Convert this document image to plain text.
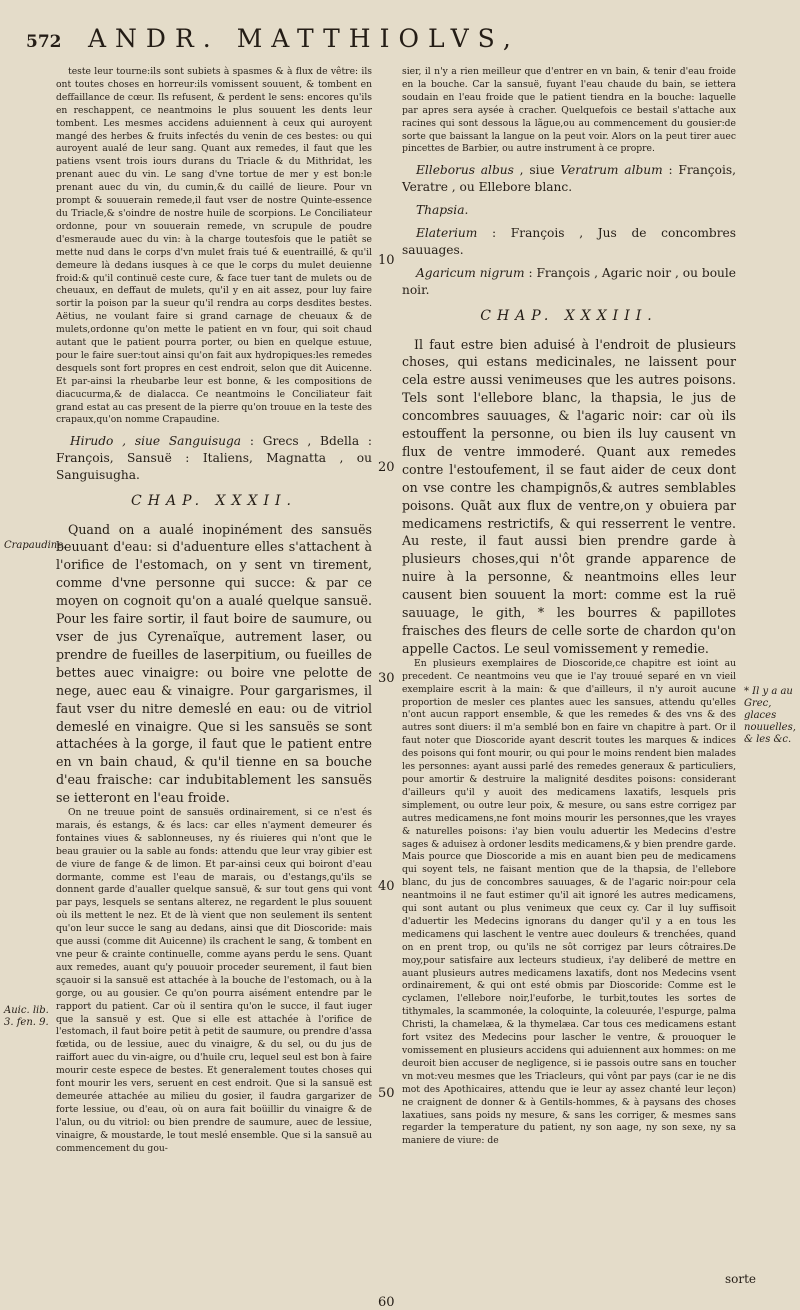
572 ANDR. MATTHIOLVS,

teste leur tourne:ils sont subiets à spasmes & à flux de vêtre: ils ont toutes choses en horreur:ils vomissent souuent, & tombent en deffaillance de cœur. Ils refusent, & perdent le sens: encores qu'ils en reschappent, ce neantmoins le plus souuent les dents leur tombent. Les mesmes accidens aduiennent à ceux qui auroyent mangé des herbes & fruits infectés du venin de ces bestes: ou qui auroyent aualé de leur sang. Quant aux remedes, il faut que les patiens vsent trois iours durans du Triacle & du Mithridat, les prenant auec du vin. Le sang d'vne tortue de mer y est bon:le prenant auec du vin, du cumin,& du caillé de lieure. Pour vn prompt & souuerain remede,il faut vser de nostre Quinte-essence du Triacle,& s'oindre de nostre huile de scorpions. Le Conciliateur ordonne, pour vn souuerain remede, vn scrupule de poudre d'esmeraude auec du vin: à la charge toutesfois que le patiêt se mette nud dans le corps d'vn mulet frais tué & euentraillé, & qu'il demeure là dedans iusques à ce que le corps du mulet deuienne froid:& qu'il continuë ceste cure, & face tuer tant de mulets ou de cheuaux, en deffaut de mulets, qu'il y en ait assez, pour luy faire sortir la poison par la sueur qu'il rendra au corps desdites bestes. Aëtius, ne voulant faire si grand carnage de cheuaux & de mulets,ordonne qu'on mette le patient en vn four, qui soit chaud autant que le patient pourra porter, ou bien en quelque estuue, pour le faire suer:tout ainsi qu'on fait aux hydropiques:les remedes desquels sont fort propres en cest endroit, selon que dit Auicenne. Et par-ainsi la rheubarbe leur est bonne, & les compositions de diacucurma,& de dialacca. Ce neantmoins le Conciliateur fait grand estat au cas present de la pierre qu'on trouue en la teste des crapaux,qu'on nomme Crapaudine.

Hirudo , siue Sanguisuga : Grecs , Bdella : François, Sansuë : Italiens, Magnatta , ou Sanguisugha.

CHAP. XXXII.

Quand on a aualé inopinément des sansuës beuuant d'eau: si d'aduenture elles s'attachent à l'orifice de l'estomach, on y sent vn tirement, comme d'vne personne qui succe: & par ce moyen on cognoit qu'on a aualé quelque sansuë. Pour les faire sortir, il faut boire de saumure, ou vser de jus Cyrenaïque, autrement laser, ou prendre de fueilles de laserpitium, ou fueilles de bettes auec vinaigre: ou boire vne pelotte de nege, auec eau & vinaigre. Pour gargarismes, il faut vser du nitre demeslé en eau: ou de vitriol demeslé en vinaigre. Que si les sansuës se sont attachées à la gorge, il faut que le patient entre en vn bain chaud, & qu'il tienne en sa bouche d'eau fraische: car indubitablement les sansuës se ietteront en l'eau froide.

On ne treuue point de sansuës ordinairement, si ce n'est és marais, és estangs, & és lacs: car elles n'ayment demeurer és fontaines viues & sablonneuses, ny és riuieres qui n'ont que le beau grauier ou la sable au fonds: attendu que leur vray gibier est de viure de fange & de limon. Et par-ainsi ceux qui boiront d'eau dormante, comme est l'eau de marais, ou d'estangs,qu'ils se donnent garde d'aualler quelque sansuë, & sur tout gens qui vont par pays, lesquels se sentans alterez, ne regardent le plus souuent où ils mettent le nez. Et de là vient que non seulement ils sentent qu'on leur succe le sang au dedans, ainsi que dit Dioscoride: mais que aussi (comme dit Auicenne) ils crachent le sang, & tombent en vne peur & crainte continuelle, comme ayans perdu le sens. Quant aux remedes, auant qu'y pouuoir proceder seurement, il faut bien sçauoir si la sansuë est attachée à la bouche de l'estomach, ou à la gorge, ou au gousier. Ce qu'on pourra aisément entendre par le rapport du patient. Car où il sentira qu'on le succe, il faut iuger que la sansuë y est. Que si elle est attachée à l'orifice de l'estomach, il faut boire petit à petit de saumure, ou prendre d'assa fœtida, ou de lessiue, auec du vinaigre, & du sel, ou du jus de raiffort auec du vin-aigre, ou d'huile cru, lequel seul est bon à faire mourir ceste espece de bestes. Et generalement toutes choses qui font mourir les vers, seruent en cest endroit. Que si la sansuë est demeurée attachée au milieu du gosier, il faudra gargarizer de forte lessiue, ou d'eau, où on aura fait boüillir du vinaigre & de l'alun, ou du vitriol: ou bien prendre de saumure, auec de lessiue, vinaigre, & moustarde, le tout meslé ensemble. Que si la sansuë au commencement du gou-

sier, il n'y a rien meilleur que d'entrer en vn bain, & tenir d'eau froide en la bouche. Car la sansuë, fuyant l'eau chaude du bain, se iettera soudain en l'eau froide que le patient tiendra en la bouche: laquelle par apres sera aysée à cracher. Quelquefois ce bestail s'attache aux racines qui sont dessous la lãgue,ou au commencement du gousier:de sorte que baissant la langue on la peut voir. Alors on la peut tirer auec pincettes de Barbier, ou autre instrument à ce propre.

Elleborus albus , siue Veratrum album : François, Veratre , ou Ellebore blanc.

Thapsia.

Elaterium : François , Jus de concombres sauuages.

Agaricum nigrum : François , Agaric noir , ou boule noir.

CHAP. XXXIII.

Il faut estre bien aduisé à l'endroit de plusieurs choses, qui estans medicinales, ne laissent pour cela estre aussi venimeuses que les autres poisons. Tels sont l'ellebore blanc, la thapsia, le jus de concombres sauuages, & l'agaric noir: car où ils estouffent la personne, ou bien ils luy causent vn flux de ventre immoderé. Quant aux remedes contre l'estoufement, il se faut aider de ceux dont on vse contre les champignõs,& autres semblables poisons. Quãt aux flux de ventre,on y obuiera par medicamens restrictifs, & qui resserrent le ventre. Au reste, il faut aussi bien prendre garde à plusieurs choses,qui n'ôt grande apparence de nuire à la personne, & neantmoins elles leur causent bien souuent la mort: comme est la ruë sauuage, le gith, * les bourres & papillotes fraisches des fleurs de celle sorte de chardon qu'on appelle Cactos. Le seul vomissement y remedie.

En plusieurs exemplaires de Dioscoride,ce chapitre est ioint au precedent. Ce neantmoins veu que ie l'ay trouué separé en vn vieil exemplaire escrit à la main: & que d'ailleurs, il n'y auroit aucune proportion de mesler ces plantes auec les sansues, attendu qu'elles n'ont aucun rapport ensemble, & que les remedes & des vns & des autres sont diuers: il m'a semblé bon en faire vn chapitre à part. Or il faut noter que Dioscoride ayant descrit toutes les marques & indices des poisons qui font mourir, ou qui pour le moins rendent bien malades les personnes: ayant aussi parlé des remedes generaux & particuliers, pour amortir & destruire la malignité desdites poisons: considerant d'ailleurs qu'il y auoit des medicamens laxatifs, lesquels pris simplement, ou outre leur poix, & mesure, ou sans estre corrigez par autres medicamens,ne font moins mourir les personnes,que les vrayes & naturelles poisons: i'ay bien voulu aduertir les Medecins d'estre sages & aduisez à ordoner lesdits medicamens,& y bien prendre garde. Mais pource que Dioscoride a mis en auant bien peu de medicamens qui soyent tels, ne faisant mention que de la thapsia, de l'ellebore blanc, du jus de concombres sauuages, & de l'agaric noir:pour cela neantmoins il ne faut estimer qu'il ait ignoré les autres medicamens, qui sont autant ou plus venimeux que ceux cy. Car il luy suffisoit d'aduertir les Medecins ignorans du danger qu'il y a en tous les medicamens qui laschent le ventre auec douleurs & trenchées, quand on en prent trop, ou qu'ils ne sôt corrigez par leurs côtraires.De moy,pour satisfaire aux lecteurs studieux, i'ay deliberé de mettre en auant plusieurs autres medicamens laxatifs, dont nos Medecins vsent ordinairement, & qui ont esté obmis par Dioscoride: Comme est le cyclamen, l'ellebore noir,l'euforbe, le turbit,toutes les sortes de tithymales, la scammonée, la coloquinte, la coleuurée, l'espurge, palma Christi, la chamelæa, & la thymelæa. Car tous ces medicamens estant fort vsitez des Medecins pour lascher le ventre, & prouoquer le vomissement en plusieurs accidens qui aduiennent aux hommes: on me deuroit bien accuser de negligence, si ie passois outre sans en toucher vn mot:veu mesmes que les Triacleurs, qui vônt par pays (car ie ne dis mot des Apothicaires, attendu que ie leur ay assez chanté leur leçon) ne craignent de donner & à Gentils-hommes, & à paysans des choses laxatiues, sans poids ny mesure, & sans les corriger, & mesmes sans regarder la temperature du patient, ny son aage, ny son sexe, ny sa maniere de viure: de

10
20
30
40
50
60
Crapaudine.
Auic. lib. 3. fen. 9.
* Il y a au Grec, glaces nouuelles, & les &c.
sorte
